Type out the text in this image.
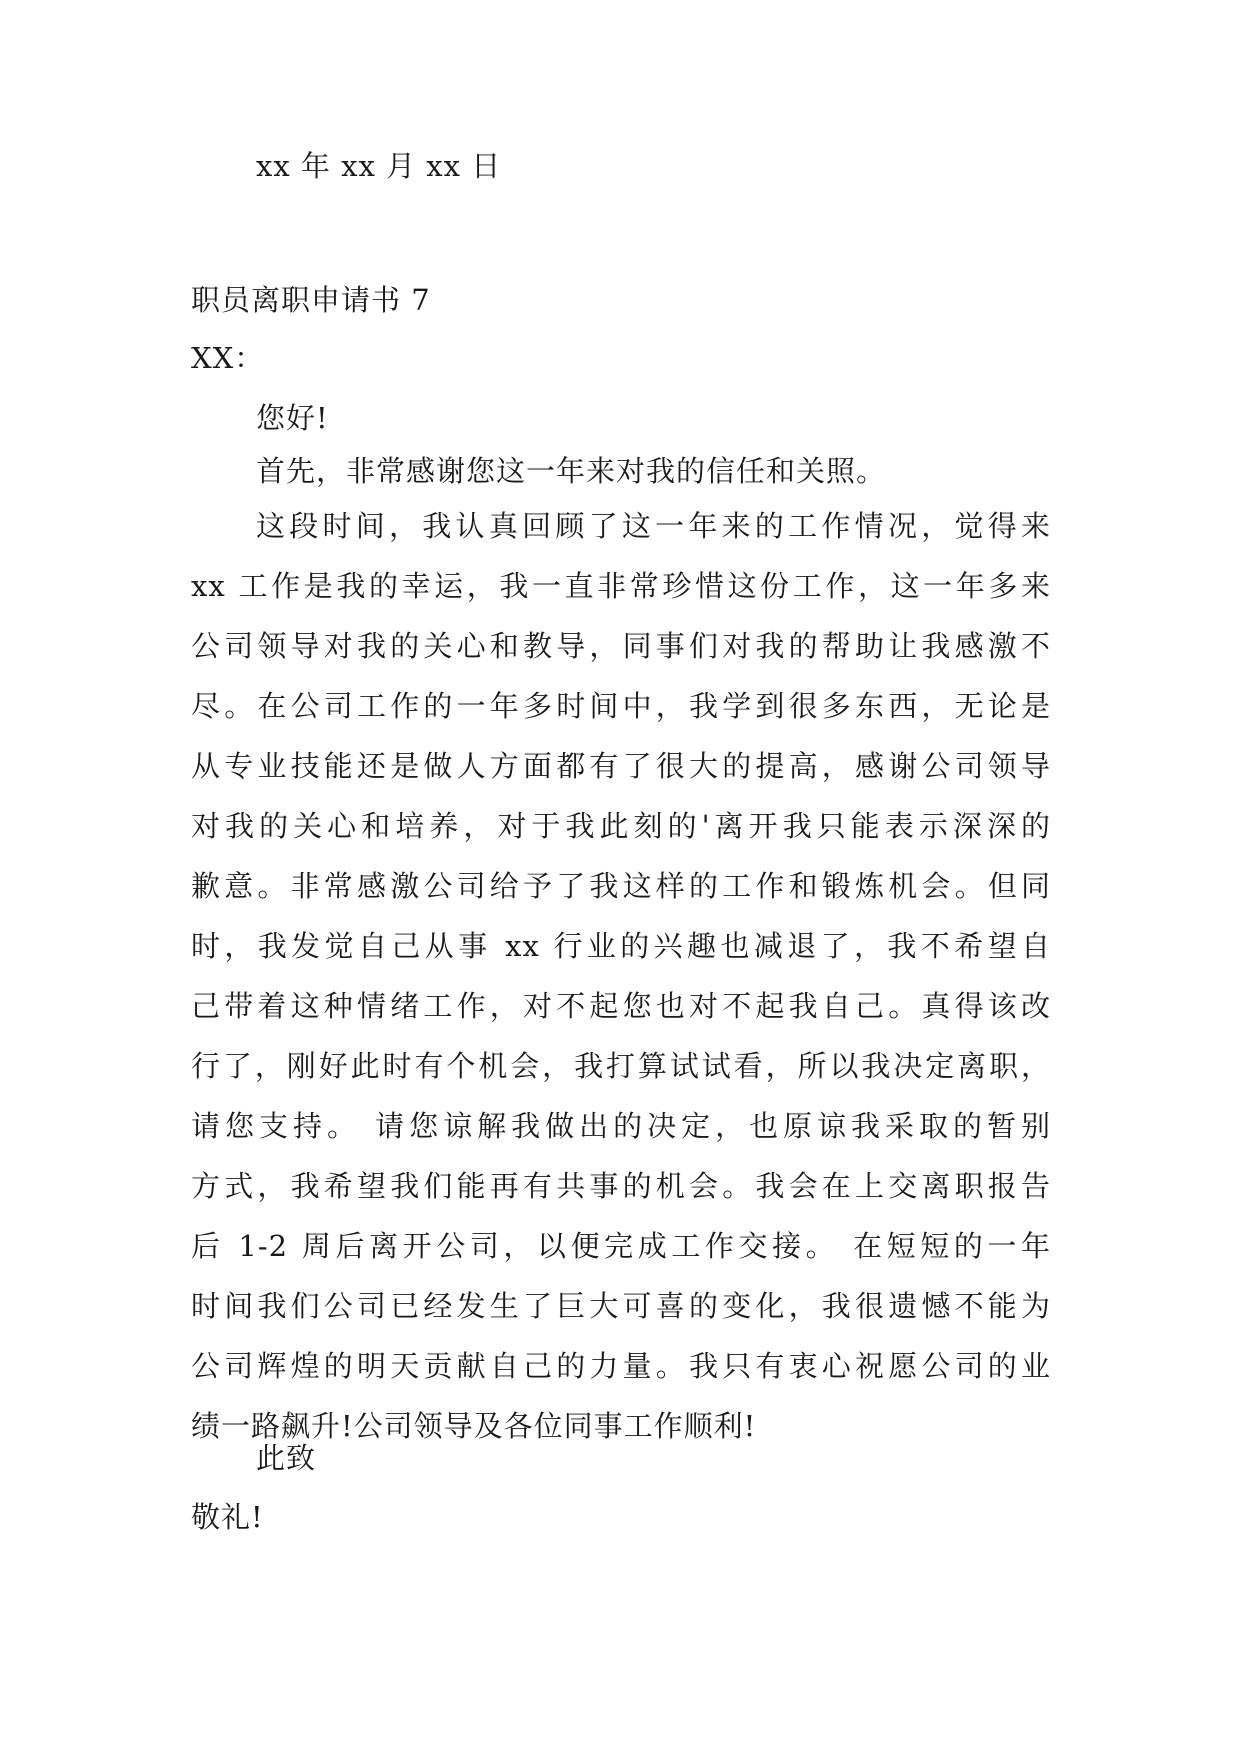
xx 年 xx 月 xx 日
职员离职申请书 7
XX：
您好!
首先，非常感谢您这一年来对我的信任和关照。
这段时间，我认真回顾了这一年来的工作情况，觉得来
xx 工作是我的幸运，我一直非常珍惜这份工作，这一年多来
公司领导对我的关心和教导，同事们对我的帮助让我感激不
尽。在公司工作的一年多时间中，我学到很多东西，无论是
从专业技能还是做人方面都有了很大的提高，感谢公司领导
对我的关心和培养，对于我此刻的'离开我只能表示深深的
歉意。非常感激公司给予了我这样的工作和锻炼机会。但同
时，我发觉自己从事 xx 行业的兴趣也减退了，我不希望自
己带着这种情绪工作，对不起您也对不起我自己。真得该改
行了，刚好此时有个机会，我打算试试看，所以我决定离职，
请您支持。 请您谅解我做出的决定，也原谅我采取的暂别
方式，我希望我们能再有共事的机会。我会在上交离职报告
后 1-2 周后离开公司，以便完成工作交接。 在短短的一年
时间我们公司已经发生了巨大可喜的变化，我很遗憾不能为
公司辉煌的明天贡献自己的力量。我只有衷心祝愿公司的业
绩一路飙升!公司领导及各位同事工作顺利!
此致
敬礼!
